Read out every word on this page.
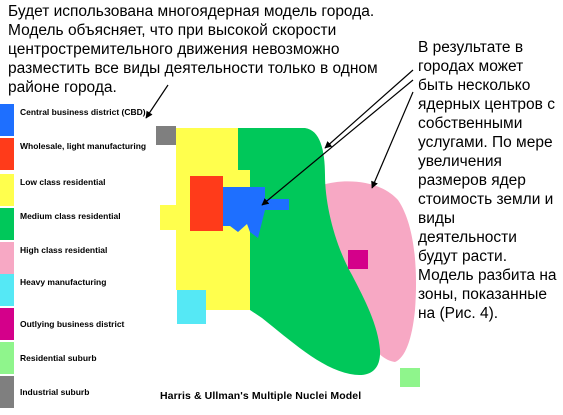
Будет использована многоядерная модель города. Модель объясняет, что при высокой скорости центростремительного движения невозможно разместить все виды деятельности только в одном районе города.
В результате в городах может быть несколько ядерных центров с собственными услугами. По мере увеличения размеров ядер стоимость земли и виды деятельности будут расти. Модель разбита на зоны, показанные на (Рис. 4).
Central business district (CBD)
Wholesale, light manufacturing
Low class residential
Medium class residential
High class residential
Heavy manufacturing
Outlying business district
Residential suburb
Industrial suburb	Harris & Ullman's Multiple Nuclei Model
